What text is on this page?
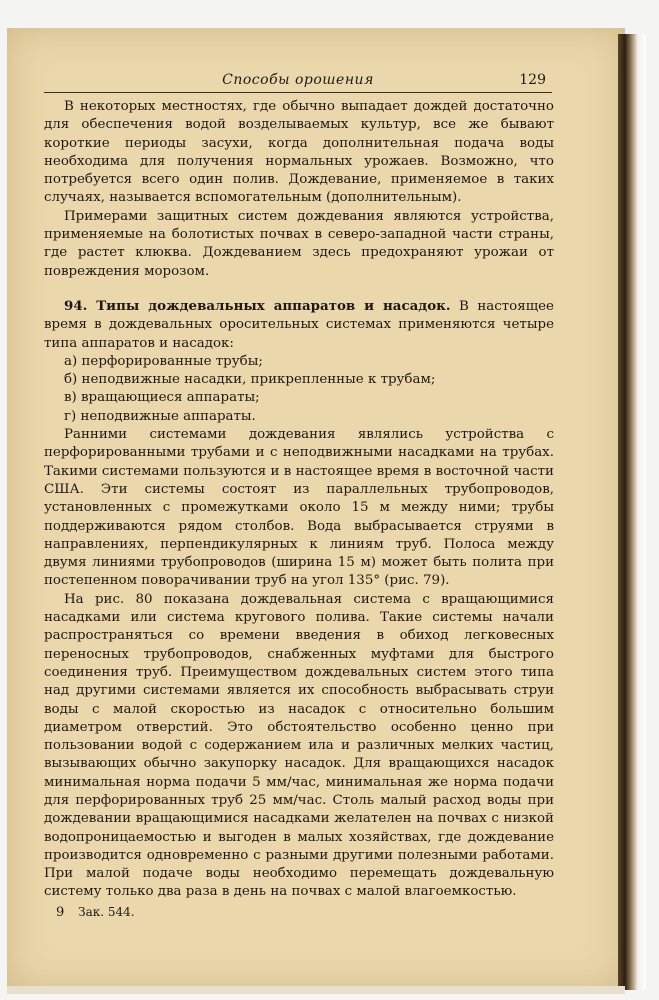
Способы орошения	129

В некоторых местностях, где обычно выпадает дождей достаточно для обеспечения водой возделываемых культур, все же бывают короткие периоды засухи, когда дополнительная подача воды необходима для получения нормальных урожаев. Возможно, что потребуется всего один полив. Дождевание, применяемое в таких случаях, называется вспомогательным (дополнительным).

Примерами защитных систем дождевания являются устройства, применяемые на болотистых почвах в северо-западной части страны, где растет клюква. Дождеванием здесь предохраняют урожаи от повреждения морозом.

94. Типы дождевальных аппаратов и насадок. В настоящее время в дождевальных оросительных системах применяются четыре типа аппаратов и насадок:

а) перфорированные трубы;
б) неподвижные насадки, прикрепленные к трубам;
в) вращающиеся аппараты;
г) неподвижные аппараты.

Ранними системами дождевания являлись устройства с перфорированными трубами и с неподвижными насадками на трубах. Такими системами пользуются и в настоящее время в восточной части США. Эти системы состоят из параллельных трубопроводов, установленных с промежутками около 15 м между ними; трубы поддерживаются рядом столбов. Вода выбрасывается струями в направлениях, перпендикулярных к линиям труб. Полоса между двумя линиями трубопроводов (ширина 15 м) может быть полита при постепенном поворачивании труб на угол 135° (рис. 79).

На рис. 80 показана дождевальная система с вращающимися насадками или система кругового полива. Такие системы начали распространяться со времени введения в обиход легковесных переносных трубопроводов, снабженных муфтами для быстрого соединения труб. Преимуществом дождевальных систем этого типа над другими системами является их способность выбрасывать струи воды с малой скоростью из насадок с относительно большим диаметром отверстий. Это обстоятельство особенно ценно при пользовании водой с содержанием ила и различных мелких частиц, вызывающих обычно закупорку насадок. Для вращающихся насадок минимальная норма подачи 5 мм/час, минимальная же норма подачи для перфорированных труб 25 мм/час. Столь малый расход воды при дождевании вращающимися насадками желателен на почвах с низкой водопроницаемостью и выгоден в малых хозяйствах, где дождевание производится одновременно с разными другими полезными работами. При малой подаче воды необходимо перемещать дождевальную систему только два раза в день на почвах с малой влагоемкостью.

9 Зак. 544.
